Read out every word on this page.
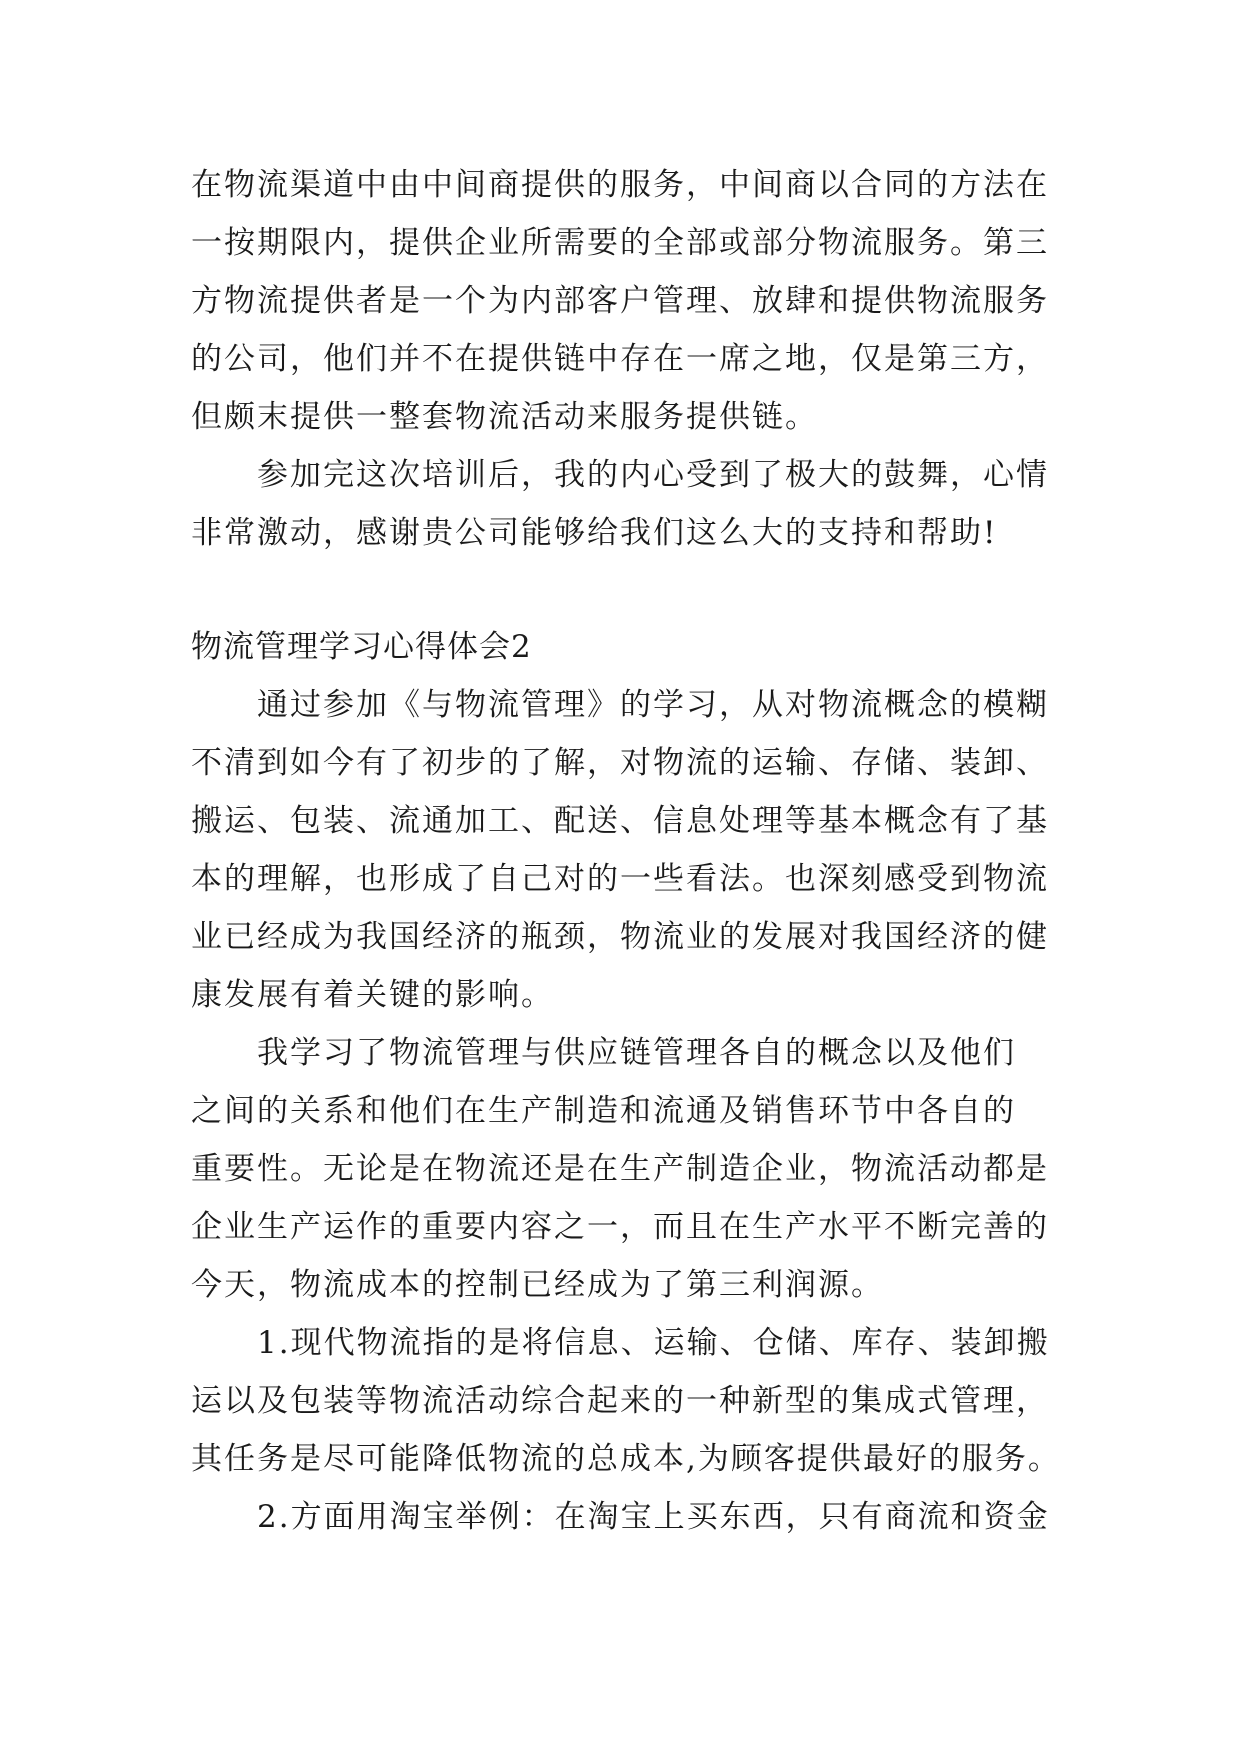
在物流渠道中由中间商提供的服务，中间商以合同的方法在
一按期限内，提供企业所需要的全部或部分物流服务。第三
方物流提供者是一个为内部客户管理、放肆和提供物流服务
的公司，他们并不在提供链中存在一席之地，仅是第三方，
但颇末提供一整套物流活动来服务提供链。
参加完这次培训后，我的内心受到了极大的鼓舞，心情
非常激动，感谢贵公司能够给我们这么大的支持和帮助!
物流管理学习心得体会2
通过参加《与物流管理》的学习，从对物流概念的模糊
不清到如今有了初步的了解，对物流的运输、存储、装卸、
搬运、包装、流通加工、配送、信息处理等基本概念有了基
本的理解，也形成了自己对的一些看法。也深刻感受到物流
业已经成为我国经济的瓶颈，物流业的发展对我国经济的健
康发展有着关键的影响。
我学习了物流管理与供应链管理各自的概念以及他们
之间的关系和他们在生产制造和流通及销售环节中各自的
重要性。无论是在物流还是在生产制造企业，物流活动都是
企业生产运作的重要内容之一，而且在生产水平不断完善的
今天，物流成本的控制已经成为了第三利润源。
1.现代物流指的是将信息、运输、仓储、库存、装卸搬
运以及包装等物流活动综合起来的一种新型的集成式管理，
其任务是尽可能降低物流的总成本,为顾客提供最好的服务。
2.方面用淘宝举例：在淘宝上买东西，只有商流和资金
